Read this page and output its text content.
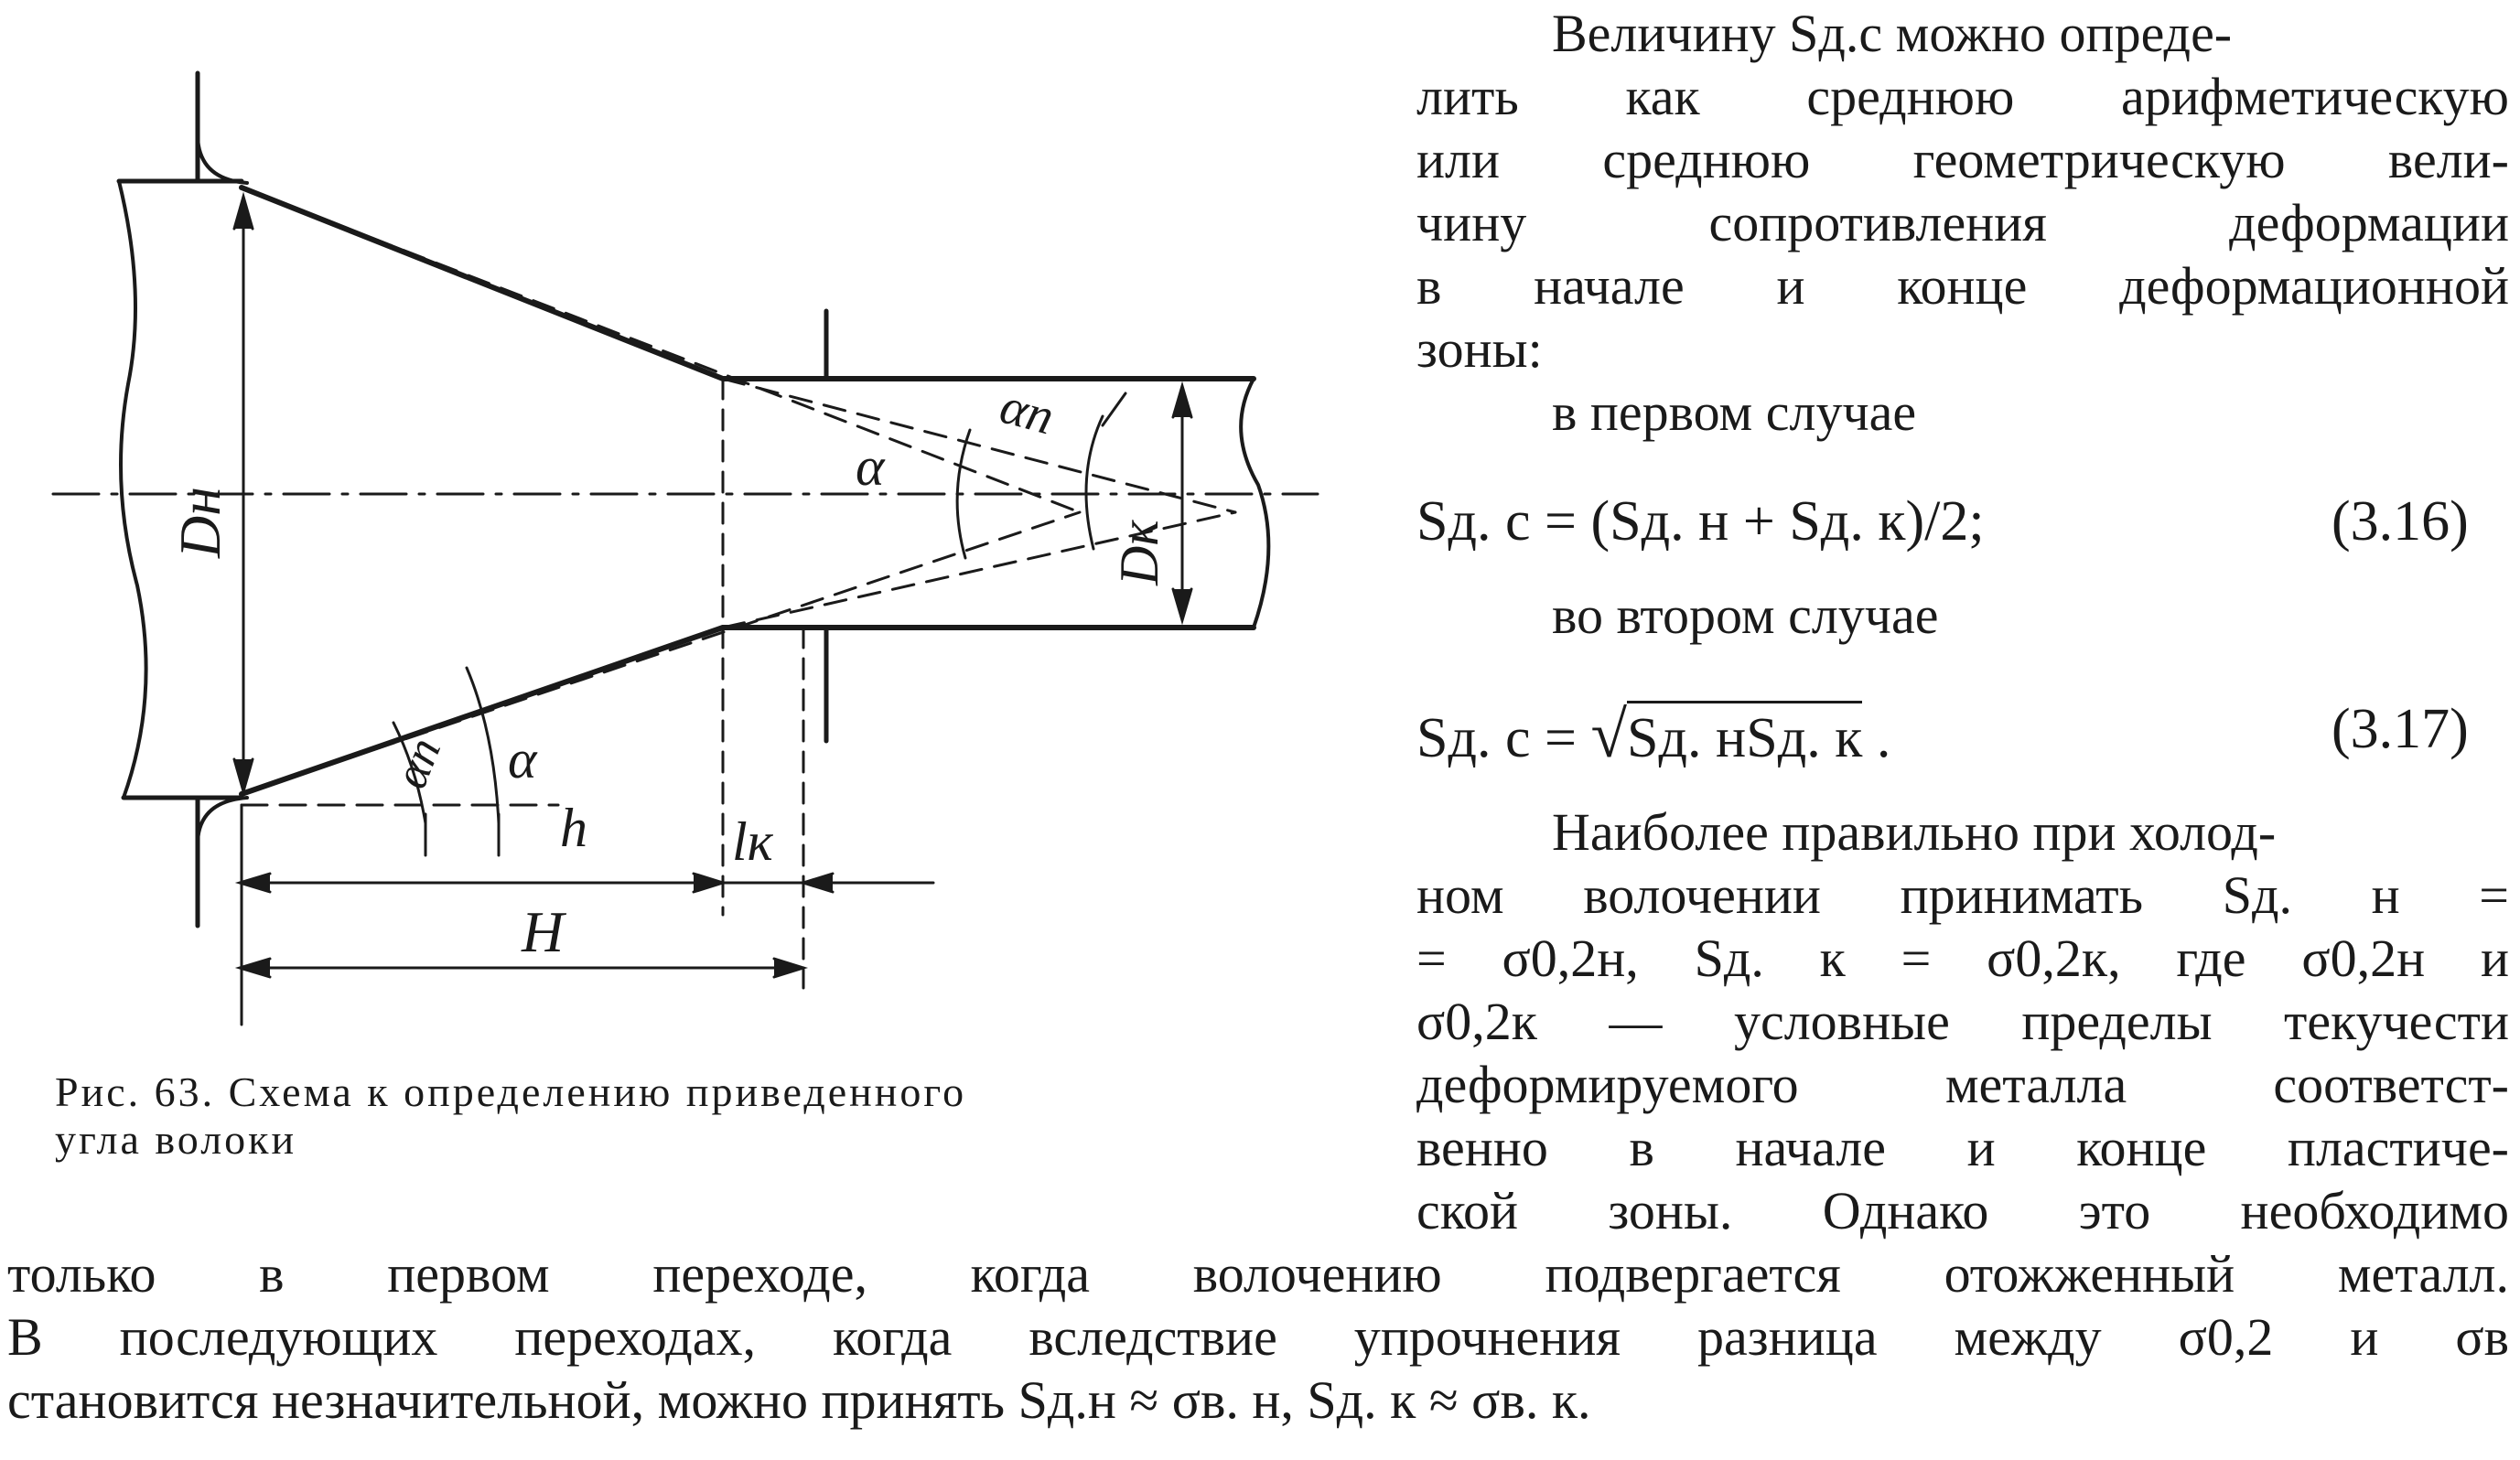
Dн	Dк
α
αп
αп α
h	lк
H
Рис. 63. Схема к определению приведенного
угла волоки
Величину Sд.с можно опреде-
лить как среднюю арифметическую
или среднюю геометрическую вели-
чину сопротивления деформации
в начале и конце деформационной
зоны:
в первом случае
Sд. с = (Sд. н + Sд. к)/2;	(3.16)
во втором случае
Sд. с = √Sд. нSд. к .	(3.17)
Наиболее правильно при холод-
ном волочении принимать Sд. н =
= σ0,2н, Sд. к = σ0,2к, где σ0,2н и
σ0,2к — условные пределы текучести
деформируемого металла соответст-
венно в начале и конце пластиче-
ской зоны. Однако это необходимо
только в первом переходе, когда волочению подвергается отожженный металл.
В последующих переходах, когда вследствие упрочнения разница между σ0,2 и σв
становится незначительной, можно принять Sд.н ≈ σв. н, Sд. к ≈ σв. к.
